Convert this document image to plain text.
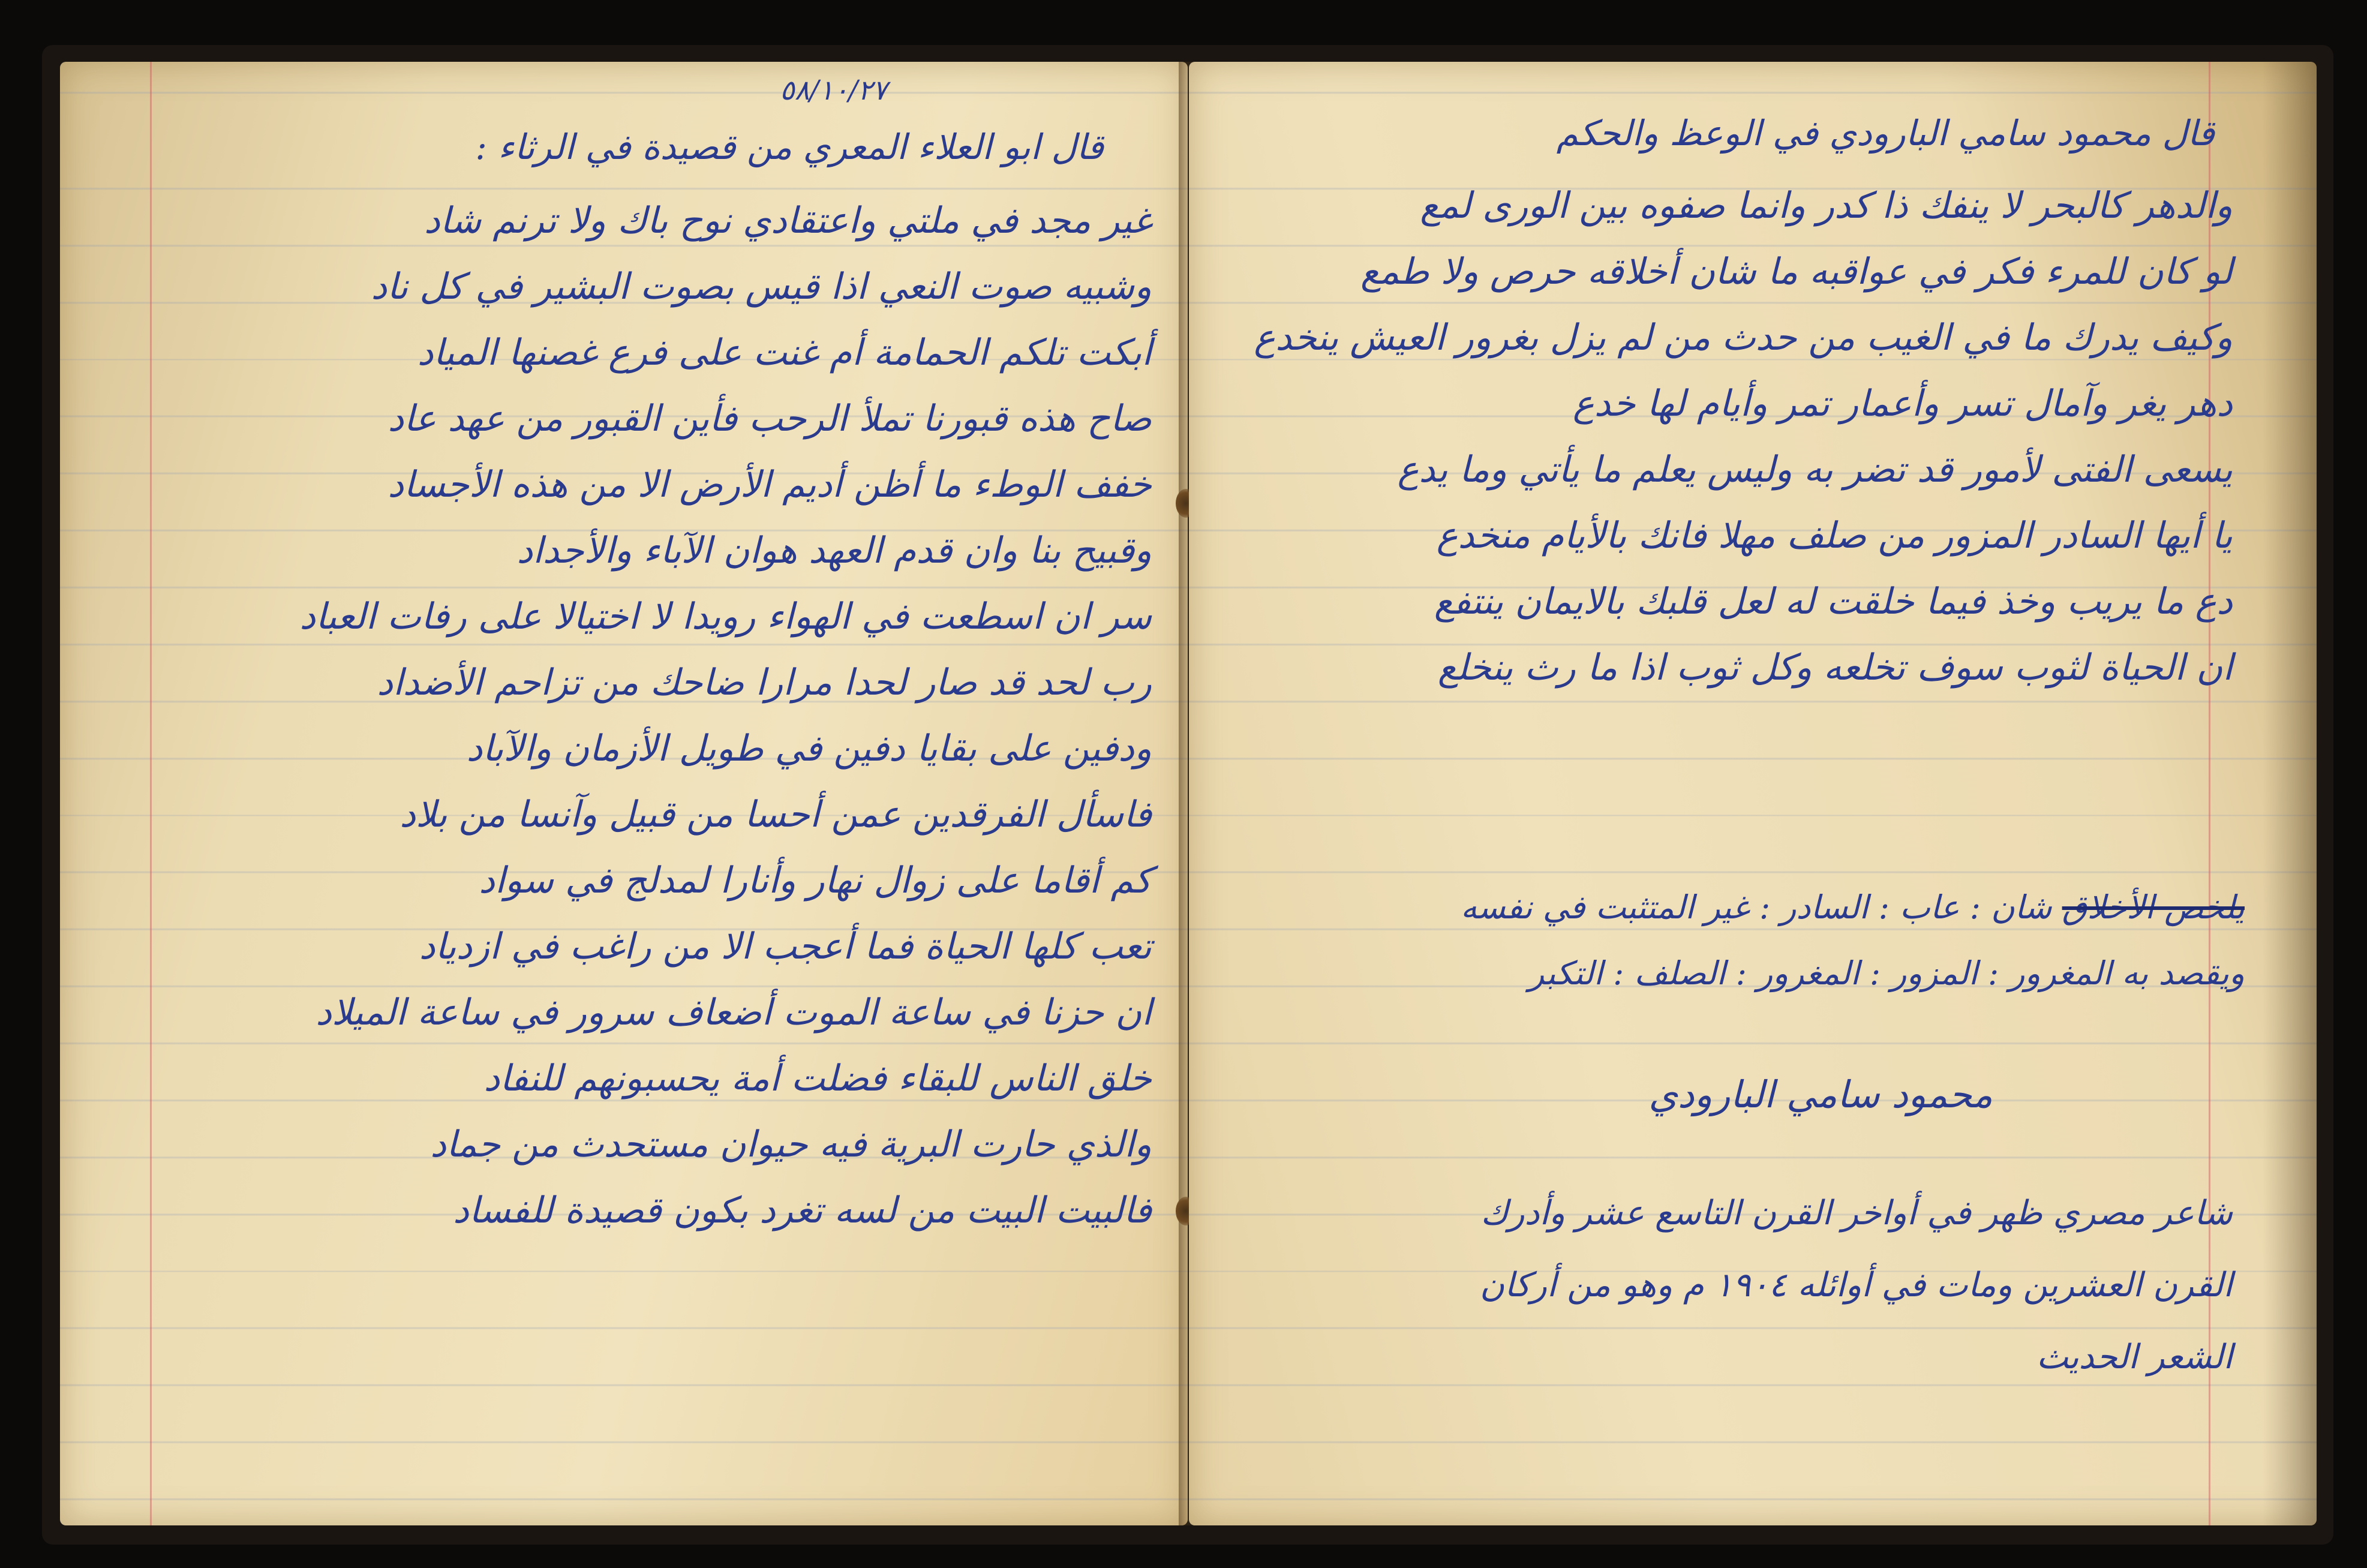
٥٨/١٠/٢٧
قال ابو العلاء المعري من قصيدة في الرثاء :
غير مجد في ملتي واعتقادي نوح باك ولا ترنم شاد
وشبيه صوت النعي اذا قيس بصوت البشير في كل ناد
أبكت تلكم الحمامة أم غنت على فرع غصنها المياد
صاح هذه قبورنا تملأ الرحب فأين القبور من عهد عاد
خفف الوطء ما أظن أديم الأرض الا من هذه الأجساد
وقبيح بنا وان قدم العهد هوان الآباء والأجداد
سر ان اسطعت في الهواء رويدا لا اختيالا على رفات العباد
رب لحد قد صار لحدا مرارا ضاحك من تزاحم الأضداد
ودفين على بقايا دفين في طويل الأزمان والآباد
فاسأل الفرقدين عمن أحسا من قبيل وآنسا من بلاد
كم أقاما على زوال نهار وأنارا لمدلج في سواد
تعب كلها الحياة فما أعجب الا من راغب في ازدياد
ان حزنا في ساعة الموت أضعاف سرور في ساعة الميلاد
خلق الناس للبقاء فضلت أمة يحسبونهم للنفاد
والذي حارت البرية فيه حيوان مستحدث من جماد
فالبيت البيت من لسه تغرد بكون قصيدة للفساد
قال محمود سامي البارودي في الوعظ والحكم
والدهر كالبحر لا ينفك ذا كدر وانما صفوه بين الورى لمع
لو كان للمرء فكر في عواقبه ما شان أخلاقه حرص ولا طمع
وكيف يدرك ما في الغيب من حدث من لم يزل بغرور العيش ينخدع
دهر يغر وآمال تسر وأعمار تمر وأيام لها خدع
يسعى الفتى لأمور قد تضر به وليس يعلم ما يأتي وما يدع
يا أيها السادر المزور من صلف مهلا فانك بالأيام منخدع
دع ما يريب وخذ فيما خلقت له لعل قلبك بالايمان ينتفع
ان الحياة لثوب سوف تخلعه وكل ثوب اذا ما رث ينخلع
يلخص الأخلاق شان : عاب : السادر : غير المتثبت في نفسه
ويقصد به المغرور : المزور : المغرور : الصلف : التكبر
محمود سامي البارودي
شاعر مصري ظهر في أواخر القرن التاسع عشر وأدرك
القرن العشرين ومات في أوائله ١٩٠٤ م وهو من أركان
الشعر الحديث
